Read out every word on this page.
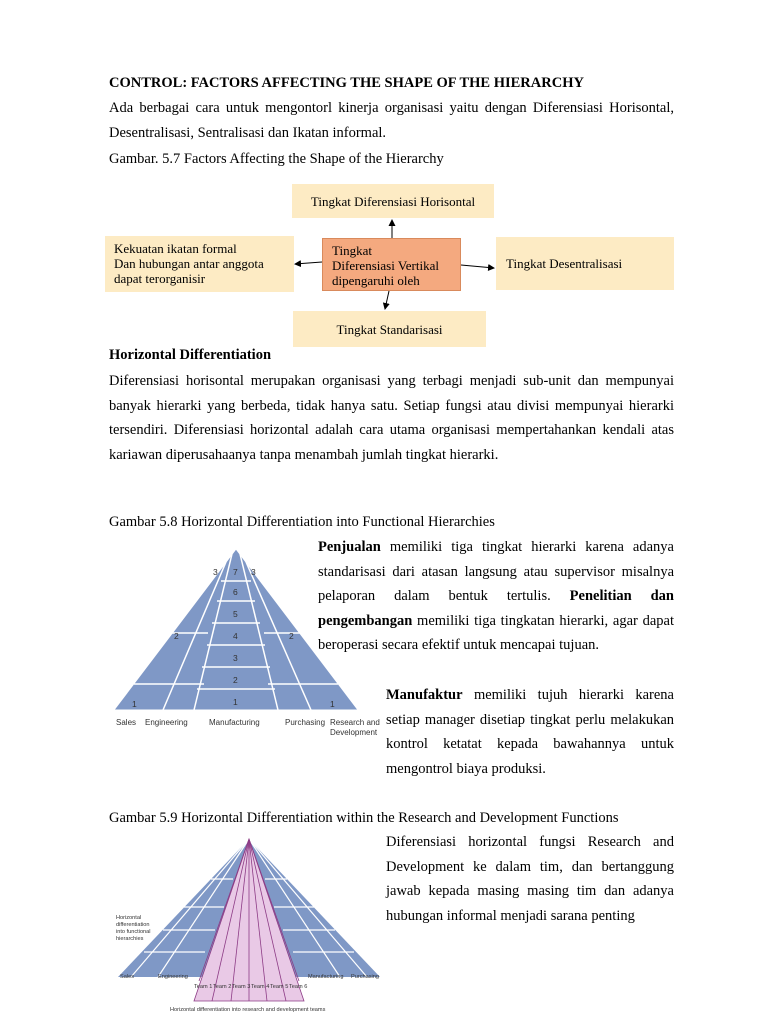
CONTROL: FACTORS AFFECTING THE SHAPE OF THE HIERARCHY
Ada berbagai cara untuk mengontorl kinerja organisasi yaitu dengan Diferensiasi Horisontal, Desentralisasi, Sentralisasi dan Ikatan informal.
Gambar. 5.7 Factors Affecting the Shape of the Hierarchy
Tingkat Diferensiasi Horisontal
Kekuatan ikatan formal
Dan hubungan antar anggota
dapat terorganisir
Tingkat
Diferensiasi Vertikal
dipengaruhi oleh
Tingkat Desentralisasi
Tingkat Standarisasi
Horizontal Differentiation
Diferensiasi horisontal merupakan organisasi yang terbagi menjadi sub-unit dan mempunyai banyak hierarki yang berbeda, tidak hanya satu. Setiap fungsi atau divisi mempunyai hierarki tersendiri. Diferensiasi horizontal adalah cara utama organisasi mempertahankan kendali atas kariawan diperusahaanya tanpa menambah jumlah tingkat hierarki.
Gambar 5.8 Horizontal Differentiation into Functional Hierarchies
7
6
5
4
3
2
1
3	3
2	2
1	1
Sales Engineering	Manufacturing	Purchasing Research and
Development
Penjualan memiliki tiga tingkat hierarki karena adanya standarisasi dari atasan langsung atau supervisor misalnya pelaporan dalam bentuk tertulis. Penelitian dan pengembangan memiliki tiga tingkatan hierarki, agar dapat beroperasi secara efektif untuk mencapai tujuan.
Manufaktur memiliki tujuh hierarki karena setiap manager disetiap tingkat perlu melakukan kontrol ketatat kepada bawahannya untuk mengontrol biaya produksi.
Gambar 5.9 Horizontal Differentiation within the Research and Development Functions
Horizontal
differentiation
into functional
hierarchies
Sales	Engineering	Manufacturing Purchasing
Team 1 Team 2 Team 3 Team 4 Team 5 Team 6
Horizontal differentiation into research and development teams
Diferensiasi horizontal fungsi Research and Development ke dalam tim, dan bertanggung jawab kepada masing masing tim dan adanya hubungan informal menjadi sarana penting
